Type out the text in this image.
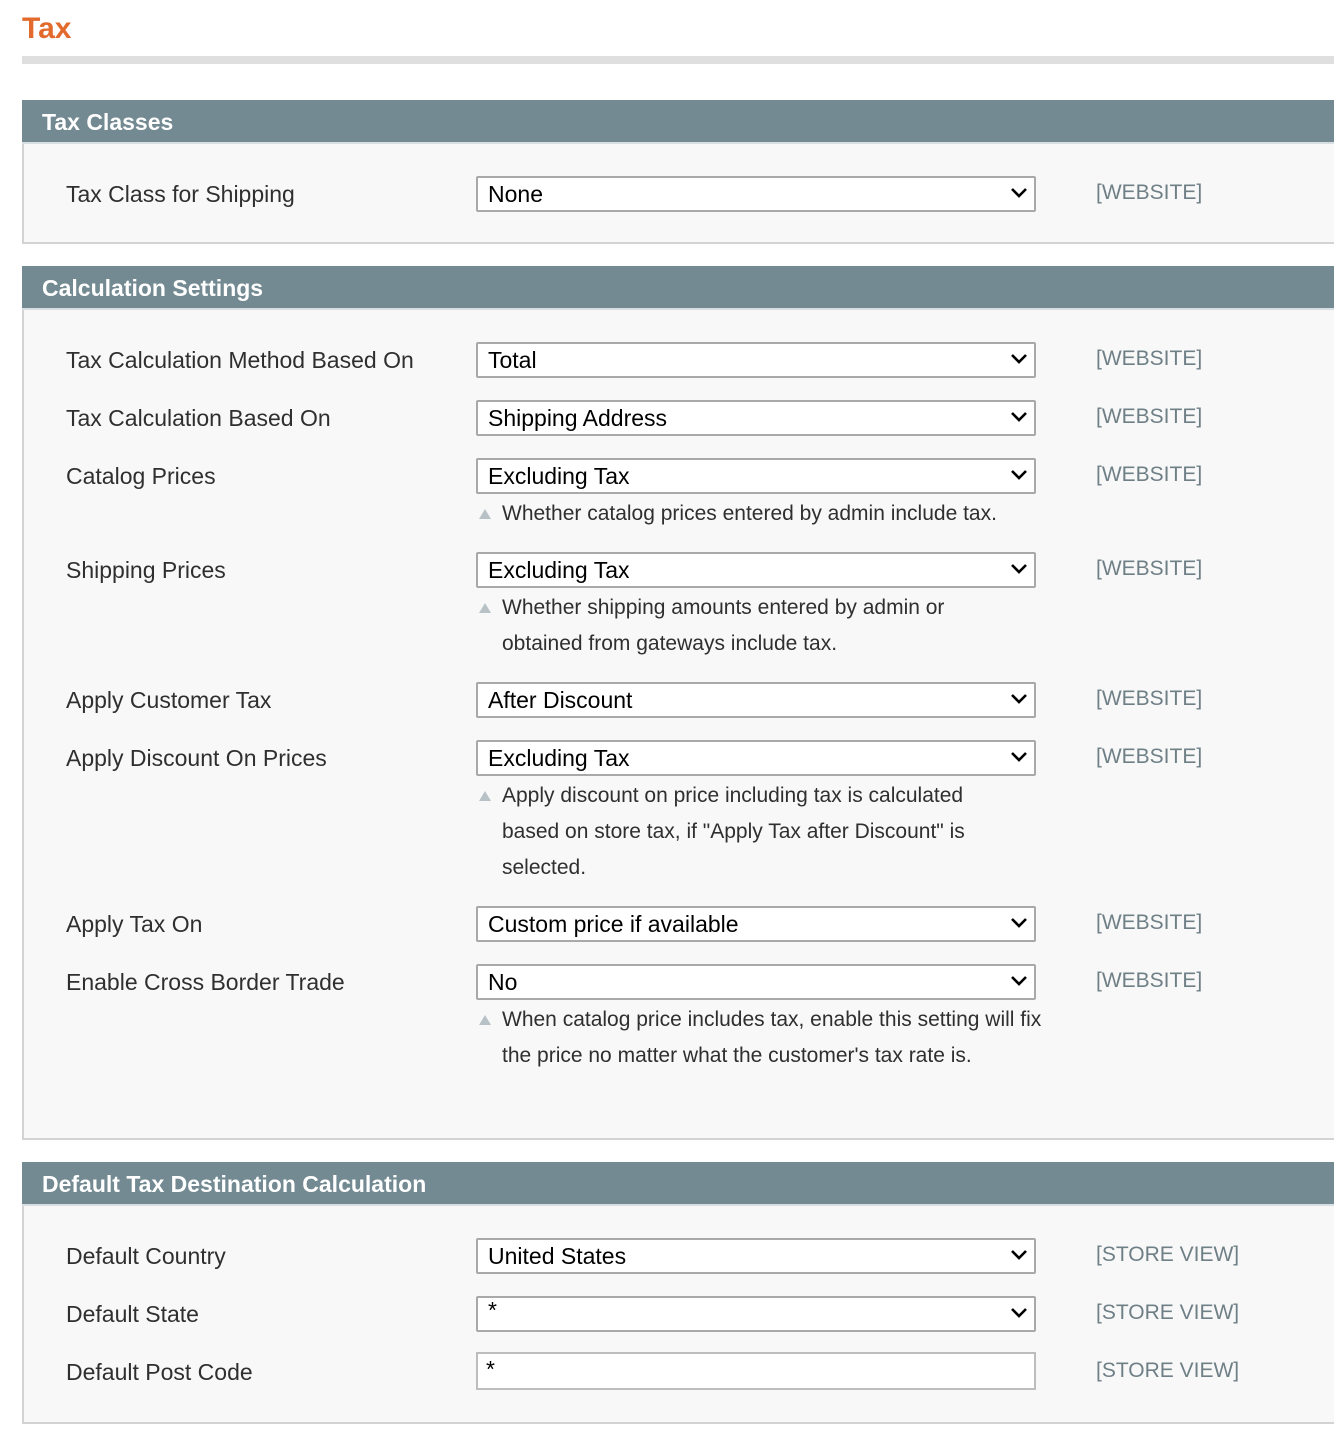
Tax
Tax Classes
Tax Class for Shipping	None	[WEBSITE]
Calculation Settings
Tax Calculation Method Based On	Total	[WEBSITE]
Tax Calculation Based On	Shipping Address	[WEBSITE]
Catalog Prices	Excluding Tax	[WEBSITE]
Whether catalog prices entered by admin include tax.
Shipping Prices	Excluding Tax	[WEBSITE]
Whether shipping amounts entered by admin or obtained from gateways include tax.
Apply Customer Tax	After Discount	[WEBSITE]
Apply Discount On Prices	Excluding Tax	[WEBSITE]
Apply discount on price including tax is calculated based on store tax, if "Apply Tax after Discount" is selected.
Apply Tax On	Custom price if available	[WEBSITE]
Enable Cross Border Trade	No	[WEBSITE]
When catalog price includes tax, enable this setting will fix the price no matter what the customer's tax rate is.
Default Tax Destination Calculation
Default Country	United States	[STORE VIEW]
Default State	*	[STORE VIEW]
Default Post Code	*	[STORE VIEW]
